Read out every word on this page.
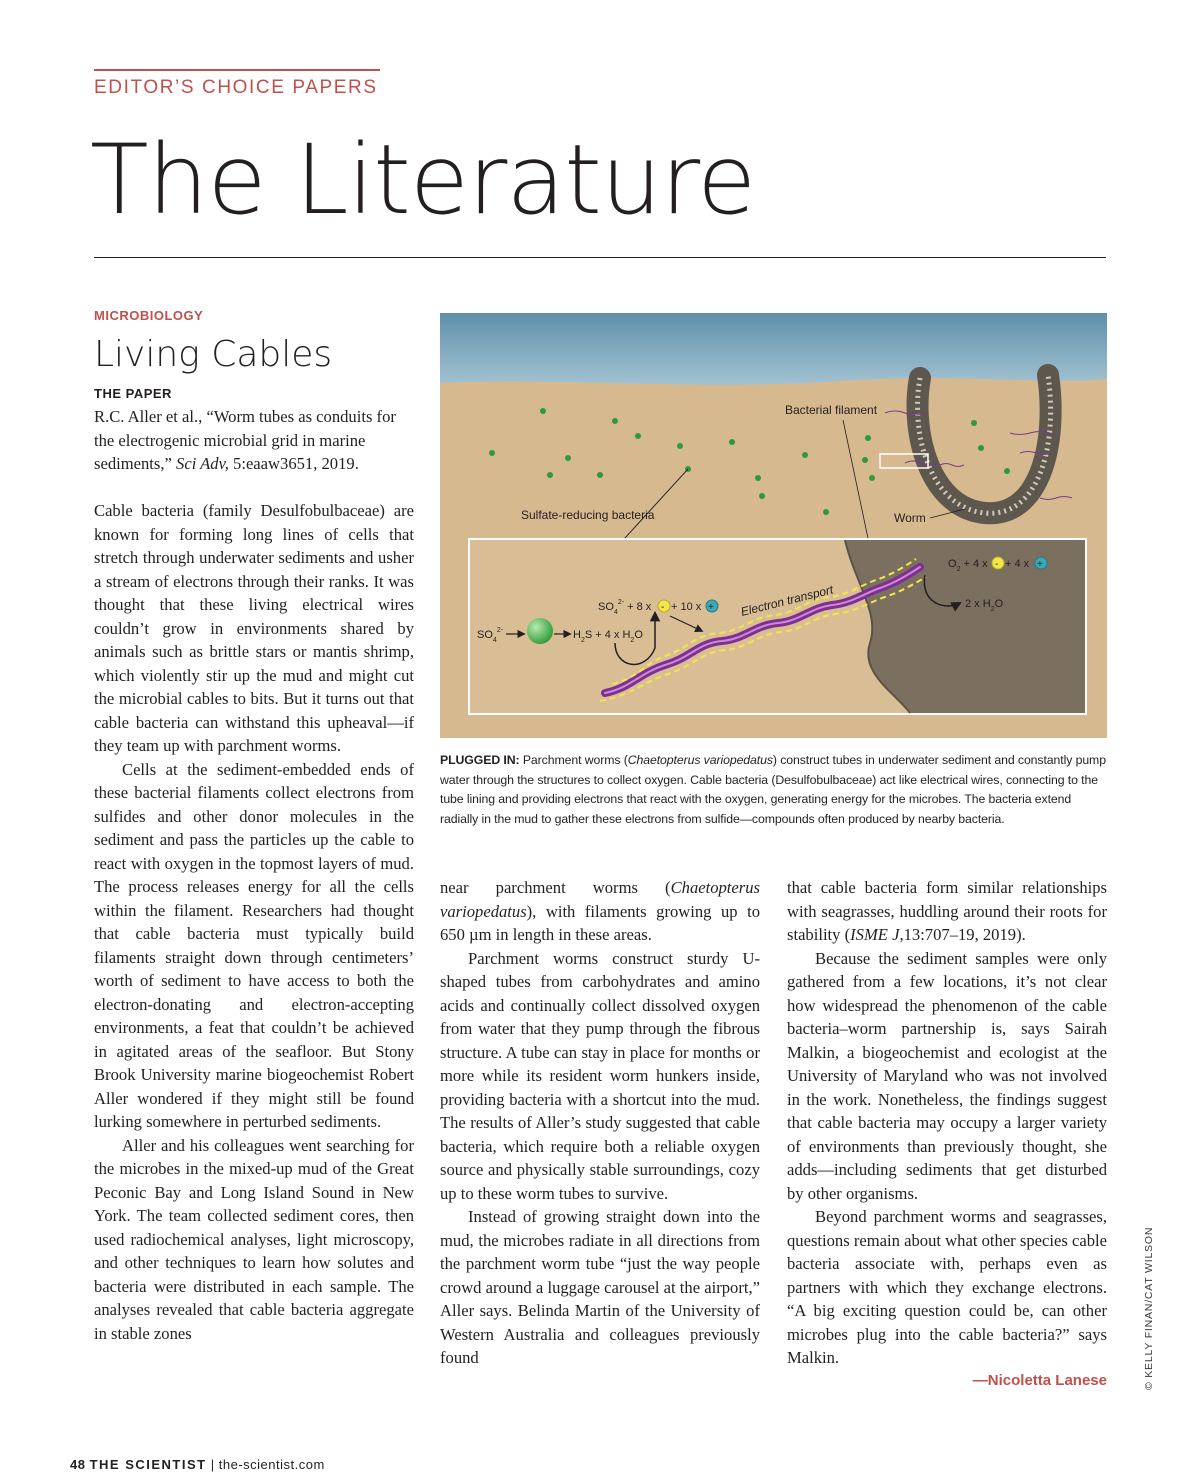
EDITOR’S CHOICE PAPERS
The Literature
MICROBIOLOGY
Living Cables
THE PAPER
R.C. Aller et al., “Worm tubes as conduits for the electrogenic microbial grid in marine sediments,” Sci Adv, 5:eaaw3651, 2019.

Cable bacteria (family Desulfobulbaceae) are known for forming long lines of cells that stretch through underwater sediments and usher a stream of electrons through their ranks. It was thought that these living electrical wires couldn’t grow in environments shared by animals such as brittle stars or mantis shrimp, which violently stir up the mud and might cut the microbial cables to bits. But it turns out that cable bacteria can withstand this upheaval—if they team up with parchment worms.

Cells at the sediment-embedded ends of these bacterial filaments collect electrons from sulfides and other donor molecules in the sediment and pass the particles up the cable to react with oxygen in the topmost layers of mud. The process releases energy for all the cells within the filament. Researchers had thought that cable bacteria must typically build filaments straight down through centimeters’ worth of sediment to have access to both the electron-donating and electron-accepting environments, a feat that couldn’t be achieved in agitated areas of the seafloor. But Stony Brook University marine biogeochemist Robert Aller wondered if they might still be found lurking somewhere in perturbed sediments.

Aller and his colleagues went searching for the microbes in the mixed-up mud of the Great Peconic Bay and Long Island Sound in New York. The team collected sediment cores, then used radiochemical analyses, light microscopy, and other techniques to learn how solutes and bacteria were distributed in each sample. The analyses revealed that cable bacteria aggregate in stable zones

near parchment worms (Chaetopterus variopedatus), with filaments growing up to 650 µm in length in these areas.

Parchment worms construct sturdy U-shaped tubes from carbohydrates and amino acids and continually collect dissolved oxygen from water that they pump through the fibrous structure. A tube can stay in place for months or more while its resident worm hunkers inside, providing bacteria with a shortcut into the mud. The results of Aller’s study suggested that cable bacteria, which require both a reliable oxygen source and physically stable surroundings, cozy up to these worm tubes to survive.

Instead of growing straight down into the mud, the microbes radiate in all directions from the parchment worm tube “just the way people crowd around a luggage carousel at the airport,” Aller says. Belinda Martin of the University of Western Australia and colleagues previously found

that cable bacteria form similar relationships with seagrasses, huddling around their roots for stability (ISME J,13:707–19, 2019).

Because the sediment samples were only gathered from a few locations, it’s not clear how widespread the phenomenon of the cable bacteria–worm partnership is, says Sairah Malkin, a biogeochemist and ecologist at the University of Maryland who was not involved in the work. Nonetheless, the findings suggest that cable bacteria may occupy a larger variety of environments than previously thought, she adds—including sediments that get disturbed by other organisms.

Beyond parchment worms and seagrasses, questions remain about what other species cable bacteria associate with, perhaps even as partners with which they exchange electrons. “A big exciting question could be, can other microbes plug into the cable bacteria?” says Malkin.

—Nicoletta Lanese
Bacterial filament
Worm
Sulfate-reducing bacteria
Electron transport
$SO_4^{2-}$	$H_2S + 4$ x $H_2O$
$SO_4^{2-} + 8$ x - + 10 x +
$O_2 + 4$ x - + 4 x +
2 x $H_2O$
PLUGGED IN: Parchment worms (Chaetopterus variopedatus) construct tubes in underwater sediment and constantly pump water through the structures to collect oxygen. Cable bacteria (Desulfobulbaceae) act like electrical wires, connecting to the tube lining and providing electrons that react with the oxygen, generating energy for the microbes. The bacteria extend radially in the mud to gather these electrons from sulfide—compounds often produced by nearby bacteria.
© KELLY FINAN/CAT WILSON
48 THE SCIENTIST | the-scientist.com
